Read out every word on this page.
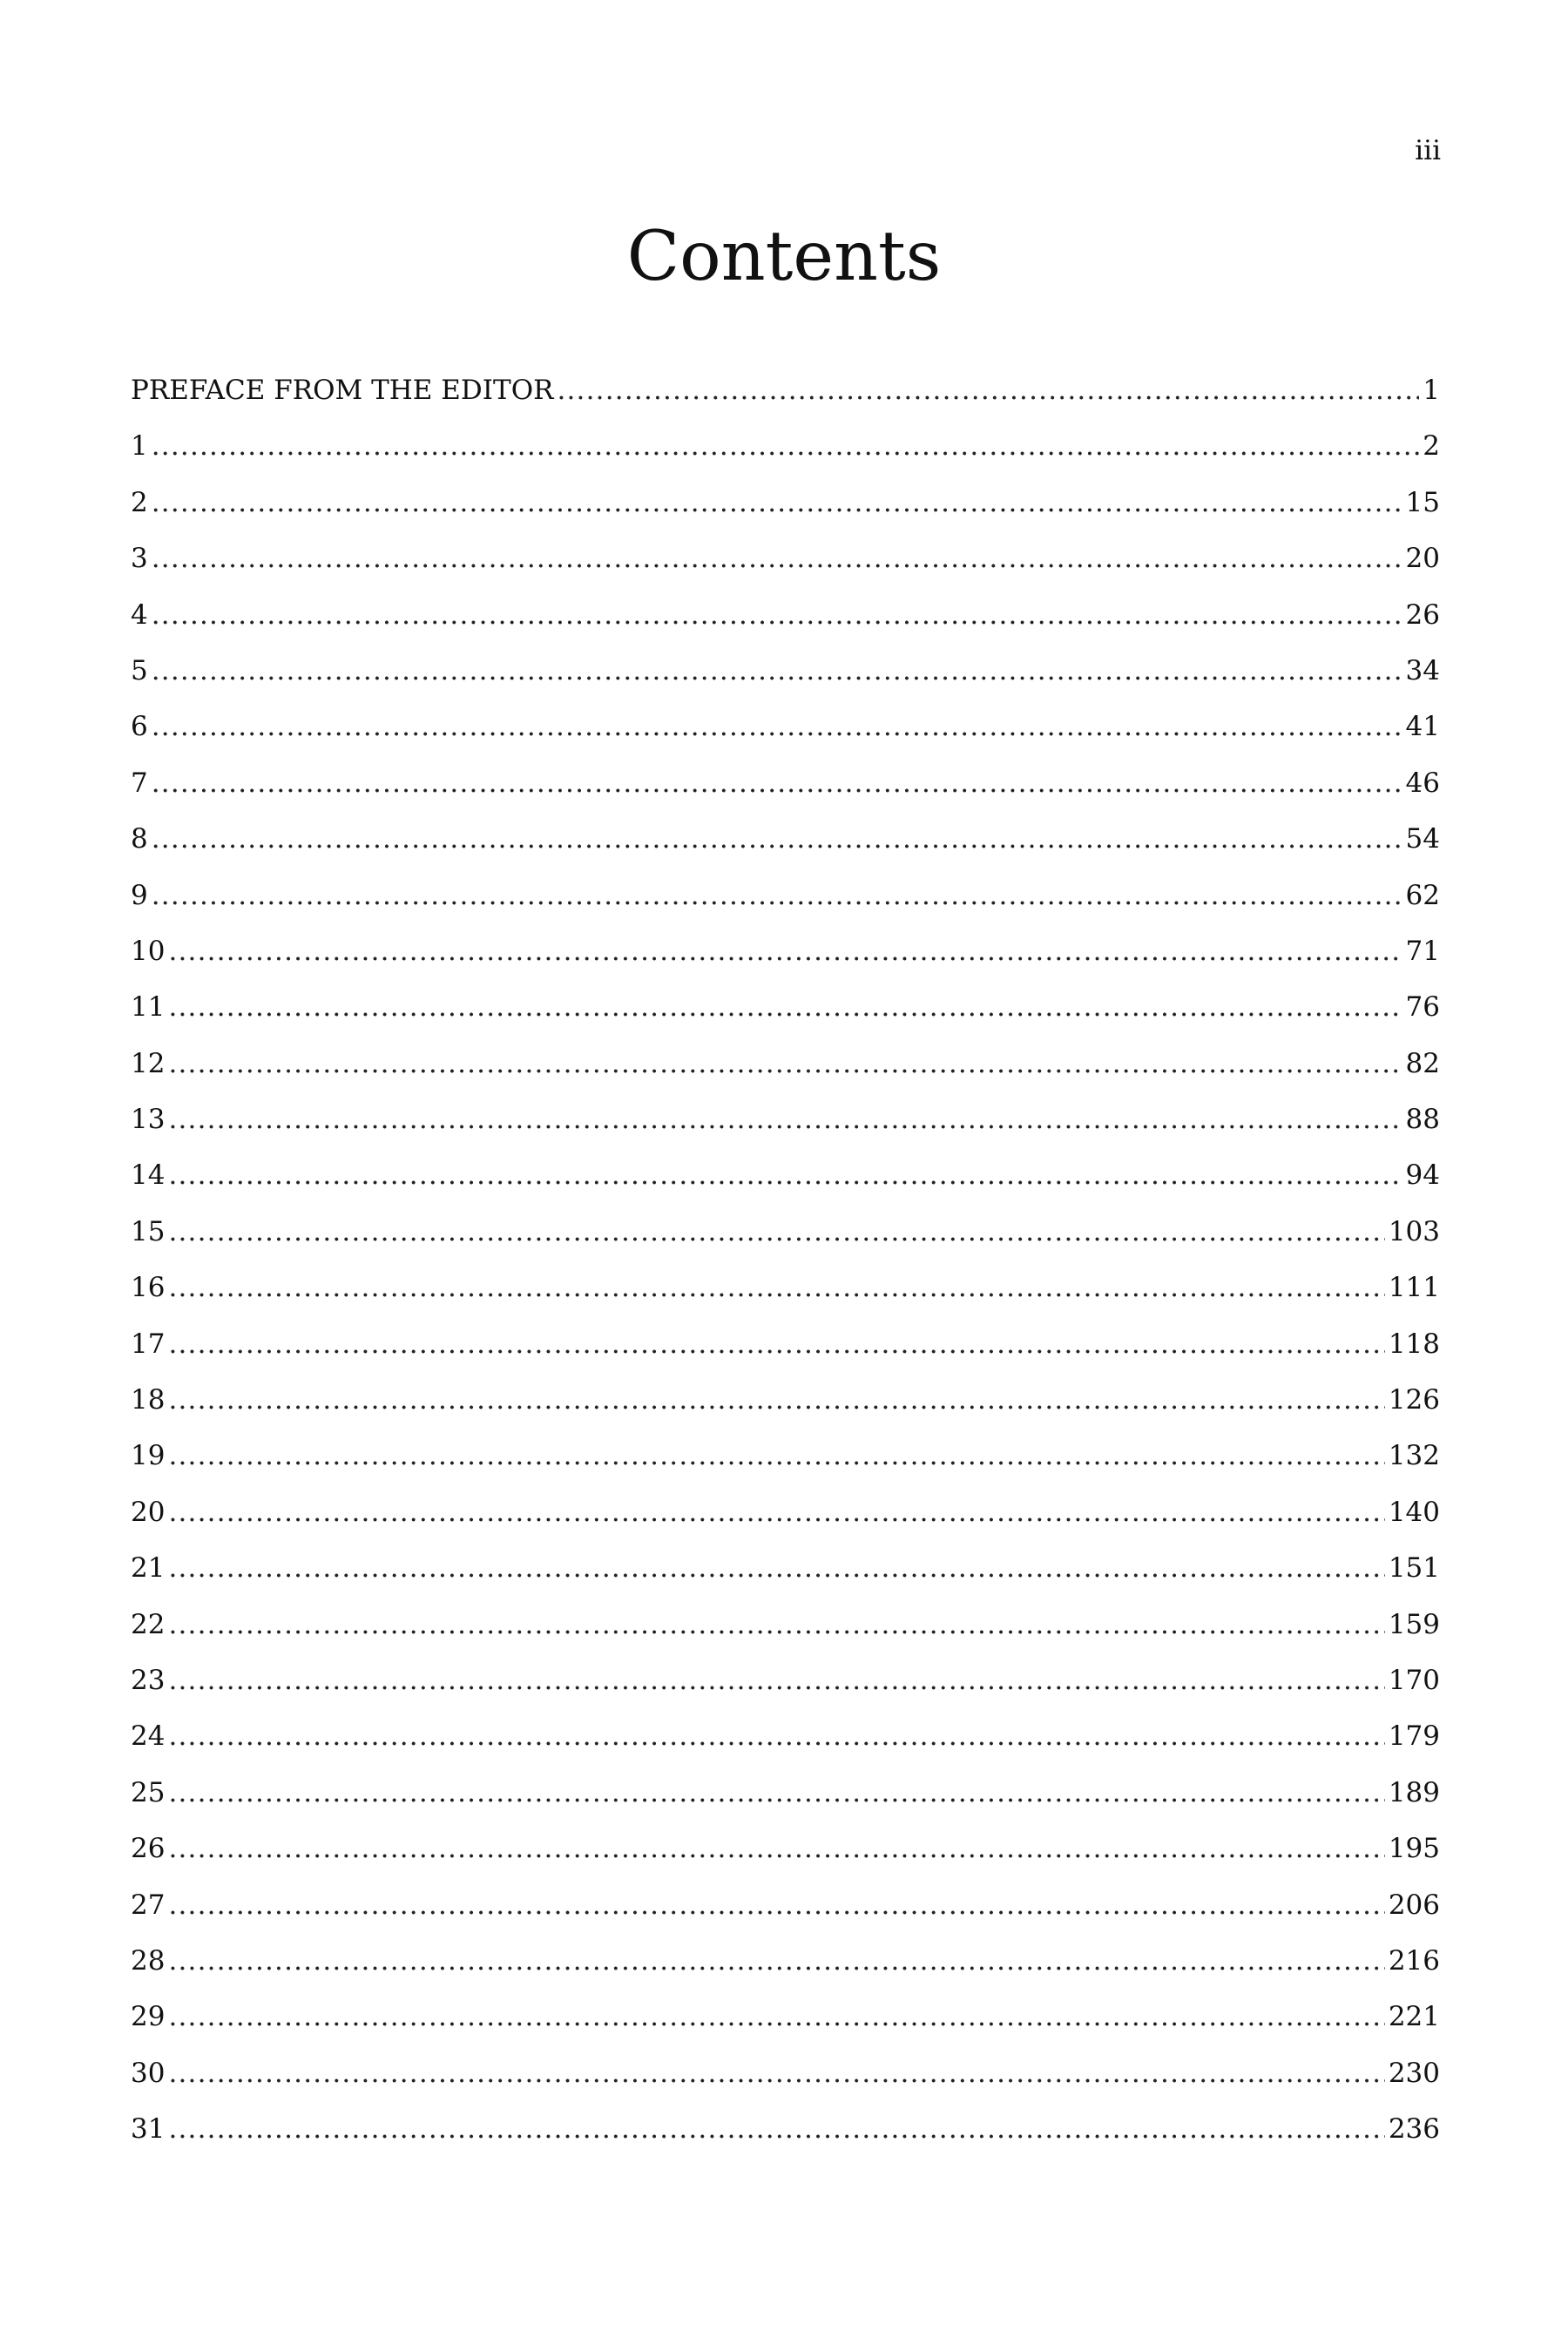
iii
Contents
PREFACE FROM THE EDITOR .....	1
1 .....	2
2 .....	15
3 .....	20
4 .....	26
5 .....	34
6 .....	41
7 .....	46
8 .....	54
9 .....	62
10 .....	71
11 .....	76
12 .....	82
13 .....	88
14 .....	94
15 .....	103
16 .....	111
17 .....	118
18 .....	126
19 .....	132
20 .....	140
21 .....	151
22 .....	159
23 .....	170
24 .....	179
25 .....	189
26 .....	195
27 .....	206
28 .....	216
29 .....	221
30 .....	230
31 .....	236
